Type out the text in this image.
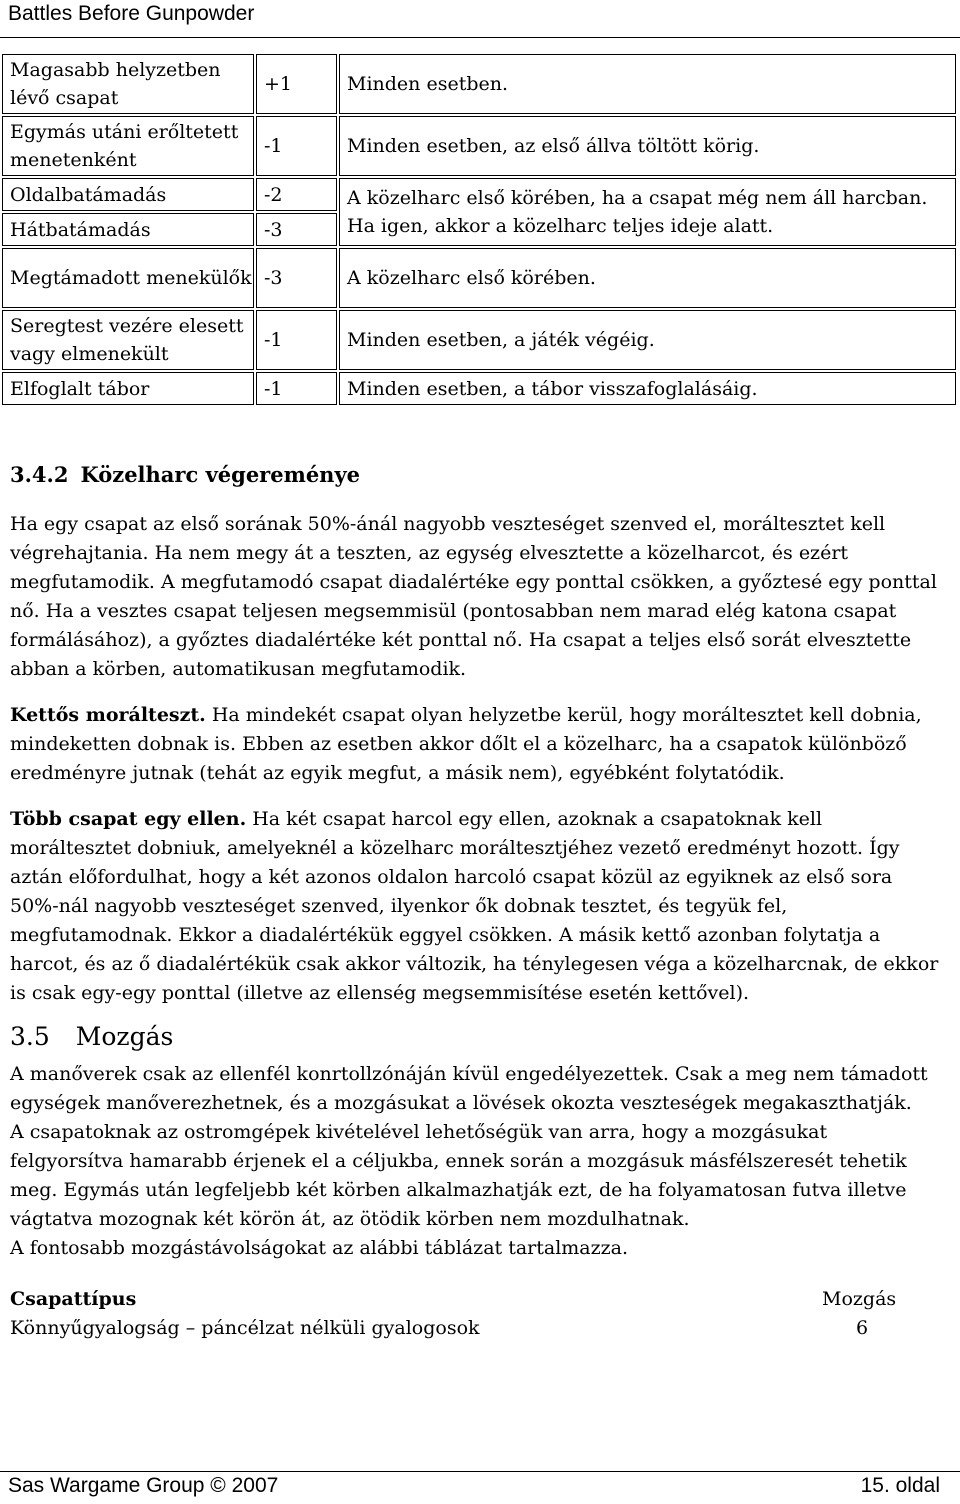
Battles Before Gunpowder
Magasabb helyzetben lévő csapat	+1	Minden esetben.
Egymás utáni erőltetett menetenként	-1	Minden esetben, az első állva töltött körig.
Oldalbatámadás	-2	A közelharc első körében, ha a csapat még nem áll harcban. Ha igen, akkor a közelharc teljes ideje alatt.
Hátbatámadás	-3	
Megtámadott menekülők	-3	A közelharc első körében.
Seregtest vezére elesett vagy elmenekült	-1	Minden esetben, a játék végéig.
Elfoglalt tábor	-1	Minden esetben, a tábor visszafoglalásáig.
3.4.2 Közelharc végereménye

Ha egy csapat az első sorának 50%-ánál nagyobb veszteséget szenved el, moráltesztet kell végrehajtania. Ha nem megy át a teszten, az egység elvesztette a közelharcot, és ezért megfutamodik. A megfutamodó csapat diadalértéke egy ponttal csökken, a győztesé egy ponttal nő. Ha a vesztes csapat teljesen megsemmisül (pontosabban nem marad elég katona csapat formálásához), a győztes diadalértéke két ponttal nő. Ha csapat a teljes első sorát elvesztette abban a körben, automatikusan megfutamodik.

Kettős morálteszt. Ha mindekét csapat olyan helyzetbe kerül, hogy moráltesztet kell dobnia, mindeketten dobnak is. Ebben az esetben akkor dőlt el a közelharc, ha a csapatok különböző eredményre jutnak (tehát az egyik megfut, a másik nem), egyébként folytatódik.

Több csapat egy ellen. Ha két csapat harcol egy ellen, azoknak a csapatoknak kell moráltesztet dobniuk, amelyeknél a közelharc moráltesztjéhez vezető eredményt hozott. Így aztán előfordulhat, hogy a két azonos oldalon harcoló csapat közül az egyiknek az első sora 50%-nál nagyobb veszteséget szenved, ilyenkor ők dobnak tesztet, és tegyük fel, megfutamodnak. Ekkor a diadalértékük eggyel csökken. A másik kettő azonban folytatja a harcot, és az ő diadalértékük csak akkor változik, ha ténylegesen véga a közelharcnak, de ekkor is csak egy-egy ponttal (illetve az ellenség megsemmisítése esetén kettővel).

3.5 Mozgás

A manőverek csak az ellenfél konrtollzónáján kívül engedélyezettek. Csak a meg nem támadott egységek manőverezhetnek, és a mozgásukat a lövések okozta veszteségek megakaszthatják.

A csapatoknak az ostromgépek kivételével lehetőségük van arra, hogy a mozgásukat felgyorsítva hamarabb érjenek el a céljukba, ennek során a mozgásuk másfélszeresét tehetik meg. Egymás után legfeljebb két körben alkalmazhatják ezt, de ha folyamatosan futva illetve vágtatva mozognak két körön át, az ötödik körben nem mozdulhatnak.

A fontosabb mozgástávolságokat az alábbi táblázat tartalmazza.

Csapattípus	Mozgás
Könnyűgyalogság – páncélzat nélküli gyalogosok	6
Sas Wargame Group © 2007	15. oldal
